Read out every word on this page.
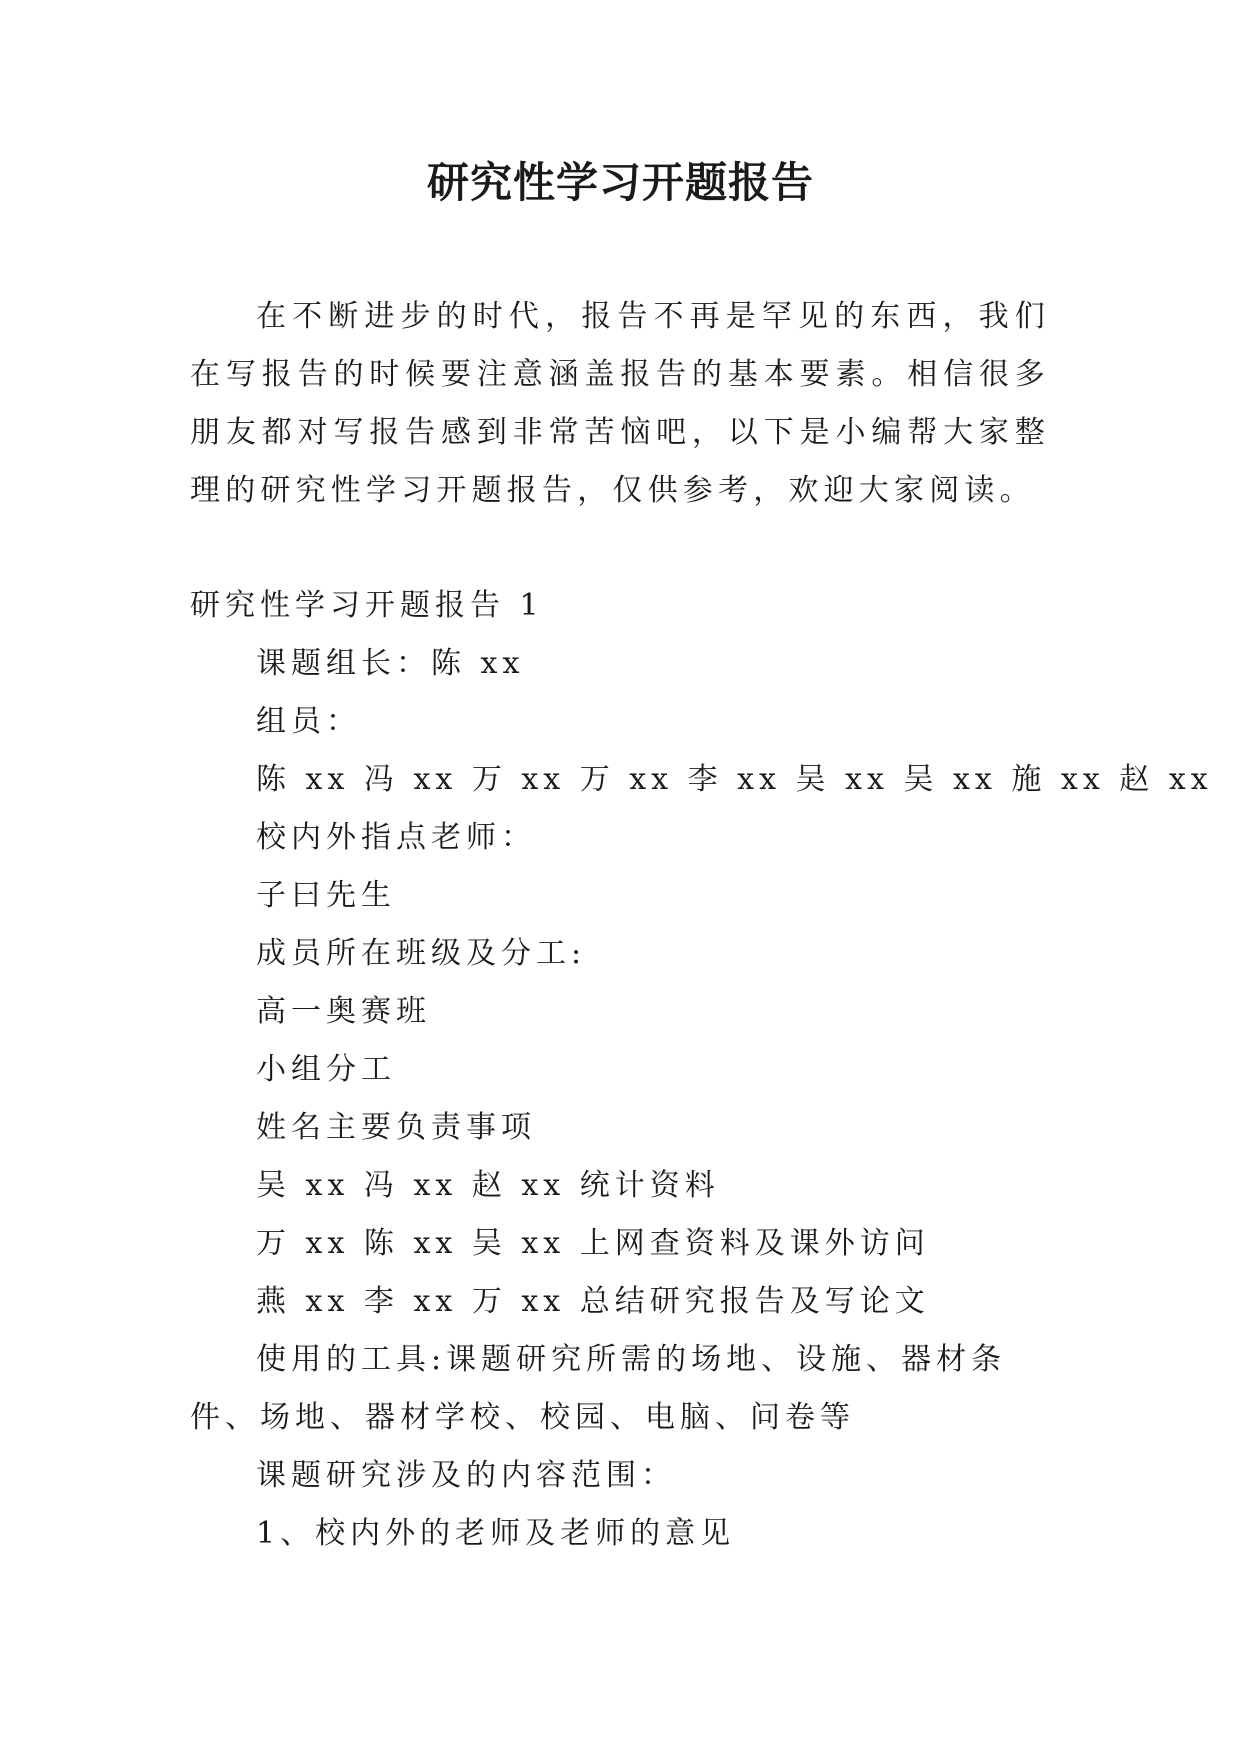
研究性学习开题报告

在不断进步的时代，报告不再是罕见的东西，我们在写报告的时候要注意涵盖报告的基本要素。相信很多朋友都对写报告感到非常苦恼吧，以下是小编帮大家整理的研究性学习开题报告，仅供参考，欢迎大家阅读。

研究性学习开题报告 1
课题组长：陈 xx
组员：
陈 xx 冯 xx 万 xx 万 xx 李 xx 吴 xx 吴 xx 施 xx 赵 xx
校内外指点老师：
子曰先生
成员所在班级及分工:
高一奥赛班
小组分工
姓名主要负责事项
吴 xx 冯 xx 赵 xx 统计资料
万 xx 陈 xx 吴 xx 上网查资料及课外访问
燕 xx 李 xx 万 xx 总结研究报告及写论文
使用的工具:课题研究所需的场地、设施、器材条件、场地、器材学校、校园、电脑、问卷等
课题研究涉及的内容范围：
1、校内外的老师及老师的意见
